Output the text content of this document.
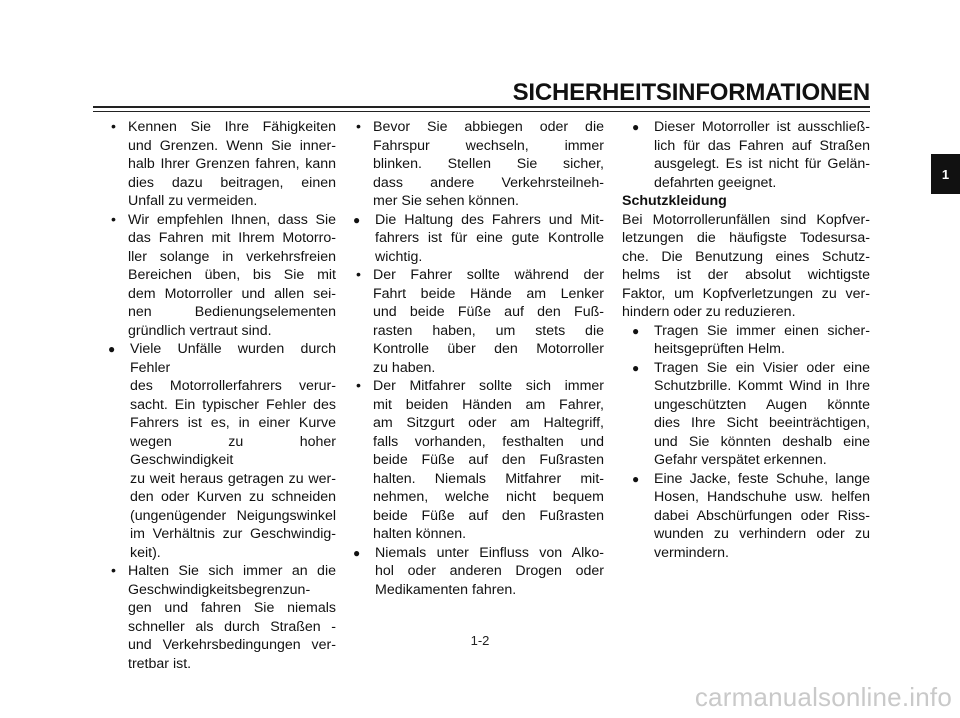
SICHERHEITSINFORMATIONEN
• Kennen Sie Ihre Fähigkeiten
und Grenzen. Wenn Sie inner-
halb Ihrer Grenzen fahren, kann
dies dazu beitragen, einen
Unfall zu vermeiden.
• Wir empfehlen Ihnen, dass Sie
das Fahren mit Ihrem Motorro-
ller solange in verkehrsfreien
Bereichen üben, bis Sie mit
dem Motorroller und allen sei-
nen Bedienungselementen
gründlich vertraut sind.
● Viele Unfälle wurden durch Fehler
des Motorrollerfahrers verur-
sacht. Ein typischer Fehler des
Fahrers ist es, in einer Kurve
wegen zu hoher Geschwindigkeit
zu weit heraus getragen zu wer-
den oder Kurven zu schneiden
(ungenügender Neigungswinkel
im Verhältnis zur Geschwindig-
keit).
• Halten Sie sich immer an die
Geschwindigkeitsbegrenzun-
gen und fahren Sie niemals
schneller als durch Straßen -
und Verkehrsbedingungen ver-
tretbar ist.
• Bevor Sie abbiegen oder die
Fahrspur wechseln, immer
blinken. Stellen Sie sicher,
dass andere Verkehrsteilneh-
mer Sie sehen können.
● Die Haltung des Fahrers und Mit-
fahrers ist für eine gute Kontrolle
wichtig.
• Der Fahrer sollte während der
Fahrt beide Hände am Lenker
und beide Füße auf den Fuß-
rasten haben, um stets die
Kontrolle über den Motorroller
zu haben.
• Der Mitfahrer sollte sich immer
mit beiden Händen am Fahrer,
am Sitzgurt oder am Haltegriff,
falls vorhanden, festhalten und
beide Füße auf den Fußrasten
halten. Niemals Mitfahrer mit-
nehmen, welche nicht bequem
beide Füße auf den Fußrasten
halten können.
● Niemals unter Einfluss von Alko-
hol oder anderen Drogen oder
Medikamenten fahren.
● Dieser Motorroller ist ausschließ-
lich für das Fahren auf Straßen
ausgelegt. Es ist nicht für Gelän-
defahrten geeignet.
Schutzkleidung
Bei Motorrollerunfällen sind Kopfver-
letzungen die häufigste Todesursa-
che. Die Benutzung eines Schutz-
helms ist der absolut wichtigste
Faktor, um Kopfverletzungen zu ver-
hindern oder zu reduzieren.
● Tragen Sie immer einen sicher-
heitsgeprüften Helm.
● Tragen Sie ein Visier oder eine
Schutzbrille. Kommt Wind in Ihre
ungeschützten Augen könnte
dies Ihre Sicht beeinträchtigen,
und Sie könnten deshalb eine
Gefahr verspätet erkennen.
● Eine Jacke, feste Schuhe, lange
Hosen, Handschuhe usw. helfen
dabei Abschürfungen oder Riss-
wunden zu verhindern oder zu
vermindern.
1
1-2
carmanualsonline.info
